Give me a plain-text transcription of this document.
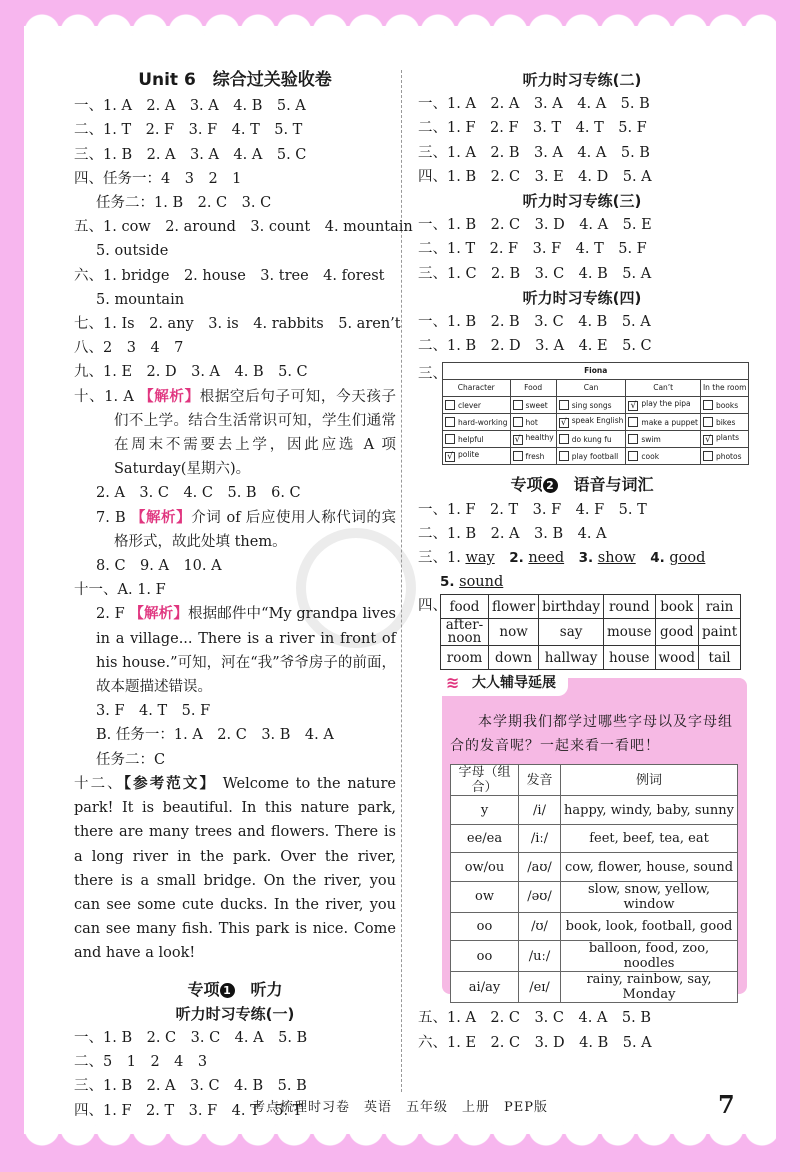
Unit 6　综合过关验收卷
一、1. A　2. A　3. A　4. B　5. A
二、1. T　2. F　3. F　4. T　5. T
三、1. B　2. A　3. A　4. A　5. C
四、任务一：4　3　2　1
任务二：1. B　2. C　3. C
五、1. cow　2. around　3. count　4. mountain
5. outside
六、1. bridge　2. house　3. tree　4. forest
5. mountain
七、1. Is　2. any　3. is　4. rabbits　5. aren’t
八、2　3　4　7
九、1. E　2. D　3. A　4. B　5. C
十、1. A 【解析】根据空后句子可知，今天孩子们不上学。结合生活常识可知，学生们通常在周末不需要去上学，因此应选 A 项 Saturday(星期六)。
2. A　3. C　4. C　5. B　6. C
7. B 【解析】介词 of 后应使用人称代词的宾格形式，故此处填 them。
8. C　9. A　10. A
十一、A. 1. F
2. F 【解析】根据邮件中“My grandpa lives in a village... There is a river in front of his house.”可知，河在“我”爷爷房子的前面，故本题描述错误。
3. F　4. T　5. F
B. 任务一：1. A　2. C　3. B　4. A
任务二：C
十二、【参考范文】 Welcome to the nature park! It is beautiful. In this nature park, there are many trees and flowers. There is a long river in the park. Over the river, there is a small bridge. On the river, you can see some cute ducks. In the river, you can see many fish. This park is nice. Come and have a look!
专项 1　听力
听力时习专练(一)
一、1. B　2. C　3. C　4. A　5. B
二、5　1　2　4　3
三、1. B　2. A　3. C　4. B　5. B
四、1. F　2. T　3. F　4. T　5. T
听力时习专练(二)
一、1. A　2. A　3. A　4. A　5. B
二、1. F　2. F　3. T　4. T　5. F
三、1. A　2. B　3. A　4. A　5. B
四、1. B　2. C　3. E　4. D　5. A
听力时习专练(三)
一、1. B　2. C　3. D　4. A　5. E
二、1. T　2. F　3. F　4. T　5. F
三、1. C　2. B　3. C　4. B　5. A
听力时习专练(四)
一、1. B　2. B　3. C　4. B　5. A
二、1. B　2. D　3. A　4. E　5. C
三、	Fiona				
Character	Food	Can	Can’t	In the room
clever	sweet	sing songs	√ play the pipa	books
hard-working	hot	√ speak English	make a puppet	bikes
helpful	√ healthy	do kung fu	swim	√ plants
√ polite	fresh	play football	cook	photos
专项 2　语音与词汇
一、1. F　2. T　3. F　4. F　5. T
二、1. B　2. A　3. B　4. A
三、1. way　 2. need　 3. show　 4. good
5. sound
四、 food	flower	birthday	round	book	rain
after-noon	now	say	mouse	good	paint
room	down	hallway	house	wood	tail
≋ 大人辅导延展

本学期我们都学过哪些字母以及字母组合的发音呢？一起来看一看吧！

字母（组合）	发音	例词
y	/i/	happy, windy, baby, sunny
ee/ea	/iː/	feet, beef, tea, eat
ow/ou	/aʊ/	cow, flower, house, sound
ow	/əʊ/	slow, snow, yellow, window
oo	/ʊ/	book, look, football, good
oo	/uː/	balloon, food, zoo, noodles
ai/ay	/eɪ/	rainy, rainbow, say, Monday
五、1. A　2. C　3. C　4. A　5. B
六、1. E　2. C　3. D　4. B　5. A
考点梳理时习卷　英语　五年级　上册　PEP版	7
